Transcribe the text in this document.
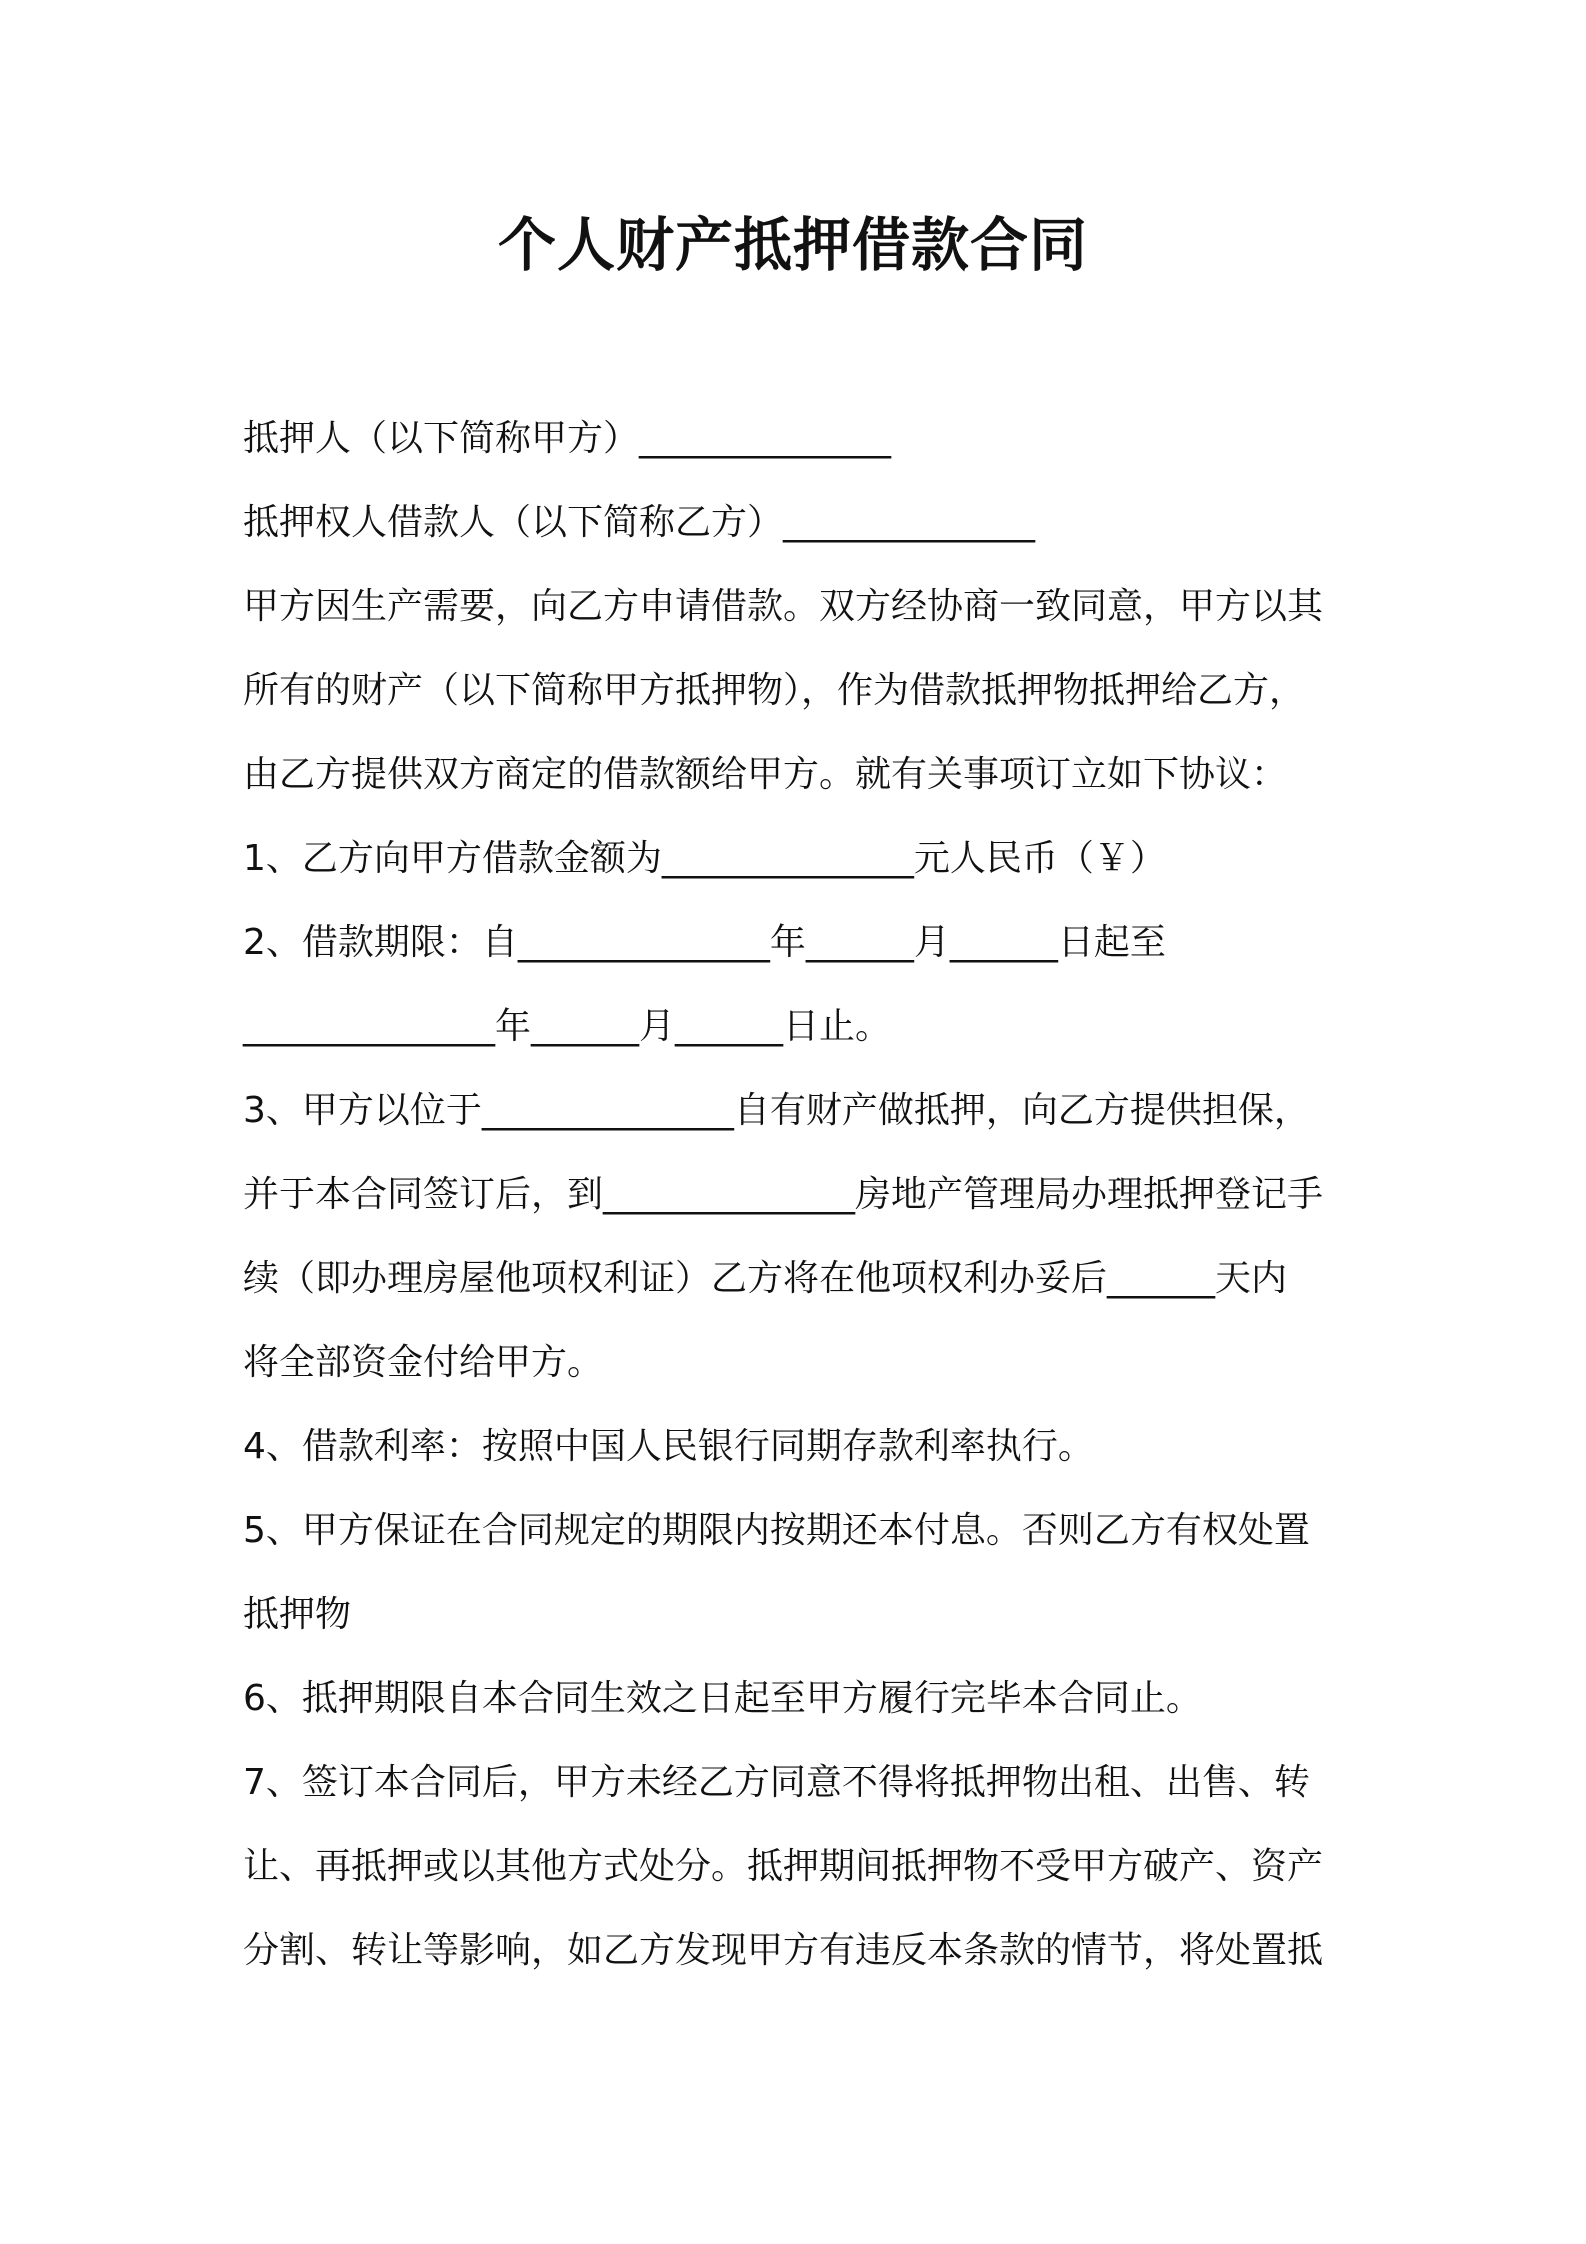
个人财产抵押借款合同
抵押人（以下简称甲方）______________
抵押权人借款人（以下简称乙方）______________
甲方因生产需要，向乙方申请借款。双方经协商一致同意，甲方以其
所有的财产（以下简称甲方抵押物），作为借款抵押物抵押给乙方，
由乙方提供双方商定的借款额给甲方。就有关事项订立如下协议：
1、乙方向甲方借款金额为______________元人民币（￥）
2、借款期限：自______________年______月______日起至
______________年______月______日止。
3、甲方以位于______________自有财产做抵押，向乙方提供担保，
并于本合同签订后，到______________房地产管理局办理抵押登记手
续（即办理房屋他项权利证）乙方将在他项权利办妥后______天内
将全部资金付给甲方。
4、借款利率：按照中国人民银行同期存款利率执行。
5、甲方保证在合同规定的期限内按期还本付息。否则乙方有权处置
抵押物
6、抵押期限自本合同生效之日起至甲方履行完毕本合同止。
7、签订本合同后，甲方未经乙方同意不得将抵押物出租、出售、转
让、再抵押或以其他方式处分。抵押期间抵押物不受甲方破产、资产
分割、转让等影响，如乙方发现甲方有违反本条款的情节，将处置抵
